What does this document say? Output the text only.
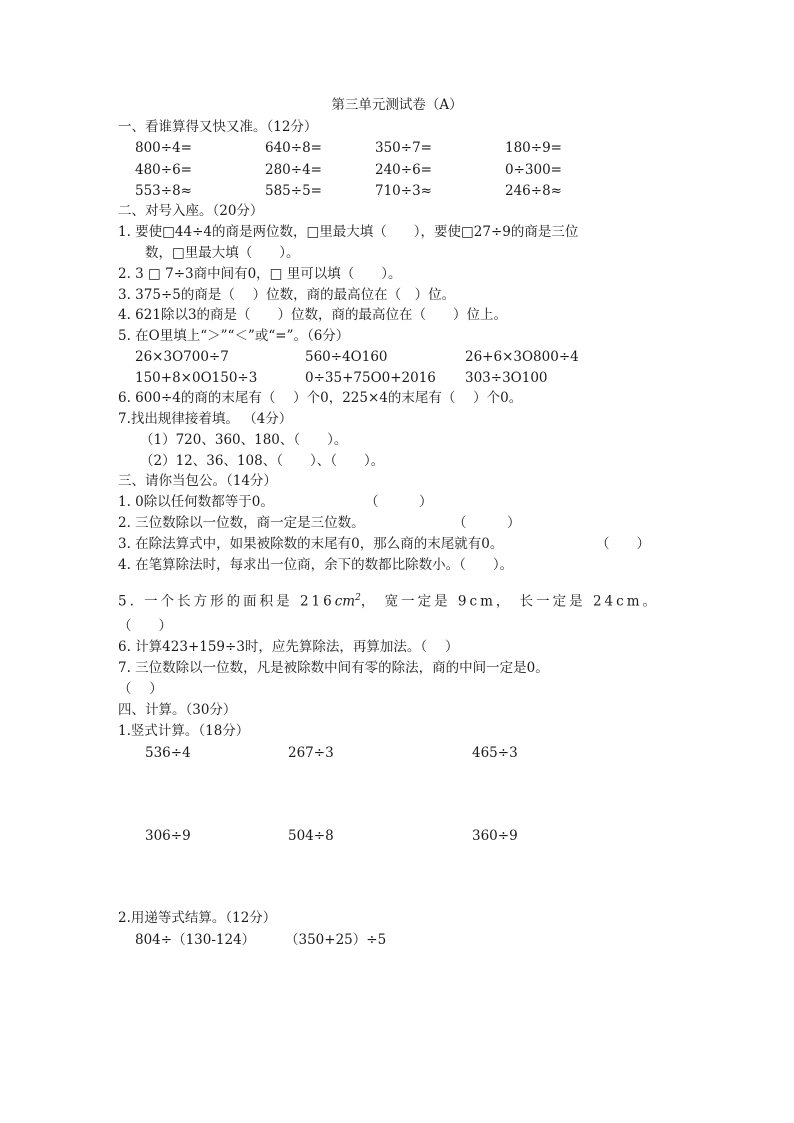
第三单元测试卷（A）
一、看谁算得又快又准。（12分）
800÷4=	640÷8=	350÷7=	180÷9=
480÷6=	280÷4=	240÷6=	0÷300=
553÷8≈	585÷5=	710÷3≈	246÷8≈
二、对号入座。（20分）
1. 要使□44÷4的商是两位数，□里最大填（　　），要使□27÷9的商是三位
数，□里最大填（　　）。
2. 3 □ 7÷3商中间有0，□ 里可以填（　　）。
3. 375÷5的商是（　 ）位数，商的最高位在（　）位。
4. 621除以3的商是（　　）位数，商的最高位在（　　）位上。
5. 在O里填上“＞”“＜”或“=”。（6分）
26×3O700÷7	560÷4O160	26+6×3O800÷4
150+8×0O150÷3	0÷35+75O0+2016 303÷3O100
6. 600÷4的商的末尾有（　 ）个0，225×4的末尾有（　 ）个0。
7.找出规律接着填。 （4分）
（1）720、360、180、（　　）。
（2）12、36、108、（　　）、（　　）。
三、请你当包公。（14分）
1. 0除以任何数都等于0。	（　　　）
2. 三位数除以一位数，商一定是三位数。	（　　　）
3. 在除法算式中，如果被除数的末尾有0，那么商的末尾就有0。	（　　）
4. 在笔算除法时，每求出一位商，余下的数都比除数小。（　　）。
5. 一个长方形的面积是 $216cm^2$， 宽一定是 9cm， 长一定是 24cm。
（　　）
6. 计算423+159÷3时，应先算除法，再算加法。（　 ）
7. 三位数除以一位数，凡是被除数中间有零的除法，商的中间一定是0。
（　 ）
四、计算。（30分）
1.竖式计算。（18分）
536÷4	267÷3	465÷3
306÷9	504÷8	360÷9
2.用递等式结算。（12分）
804÷（130-124） （350+25）÷5
